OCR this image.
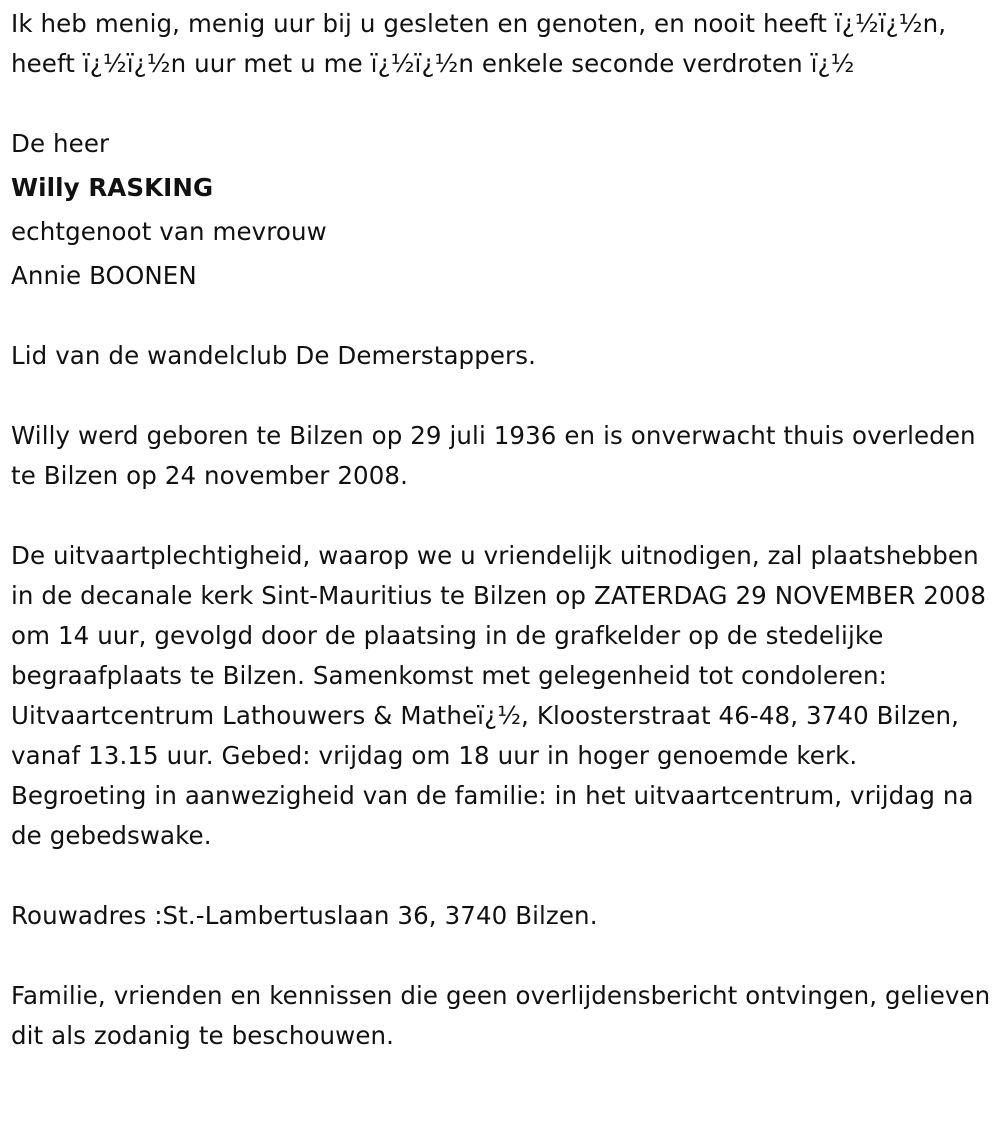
Ik heb menig, menig uur bij u gesleten en genoten, en nooit heeft ï¿½ï¿½n, heeft ï¿½ï¿½n uur met u me ï¿½ï¿½n enkele seconde verdroten ï¿½

De heer
Willy RASKING
echtgenoot van mevrouw
Annie BOONEN

Lid van de wandelclub De Demerstappers.

Willy werd geboren te Bilzen op 29 juli 1936 en is onverwacht thuis overleden te Bilzen op 24 november 2008.

De uitvaartplechtigheid, waarop we u vriendelijk uitnodigen, zal plaatshebben in de decanale kerk Sint-Mauritius te Bilzen op ZATERDAG 29 NOVEMBER 2008 om 14 uur, gevolgd door de plaatsing in de grafkelder op de stedelijke begraafplaats te Bilzen. Samenkomst met gelegenheid tot condoleren: Uitvaartcentrum Lathouwers & Matheï¿½, Kloosterstraat 46-48, 3740 Bilzen, vanaf 13.15 uur. Gebed: vrijdag om 18 uur in hoger genoemde kerk. Begroeting in aanwezigheid van de familie: in het uitvaartcentrum, vrijdag na de gebedswake.

Rouwadres :St.-Lambertuslaan 36, 3740 Bilzen.

Familie, vrienden en kennissen die geen overlijdensbericht ontvingen, gelieven dit als zodanig te beschouwen.
